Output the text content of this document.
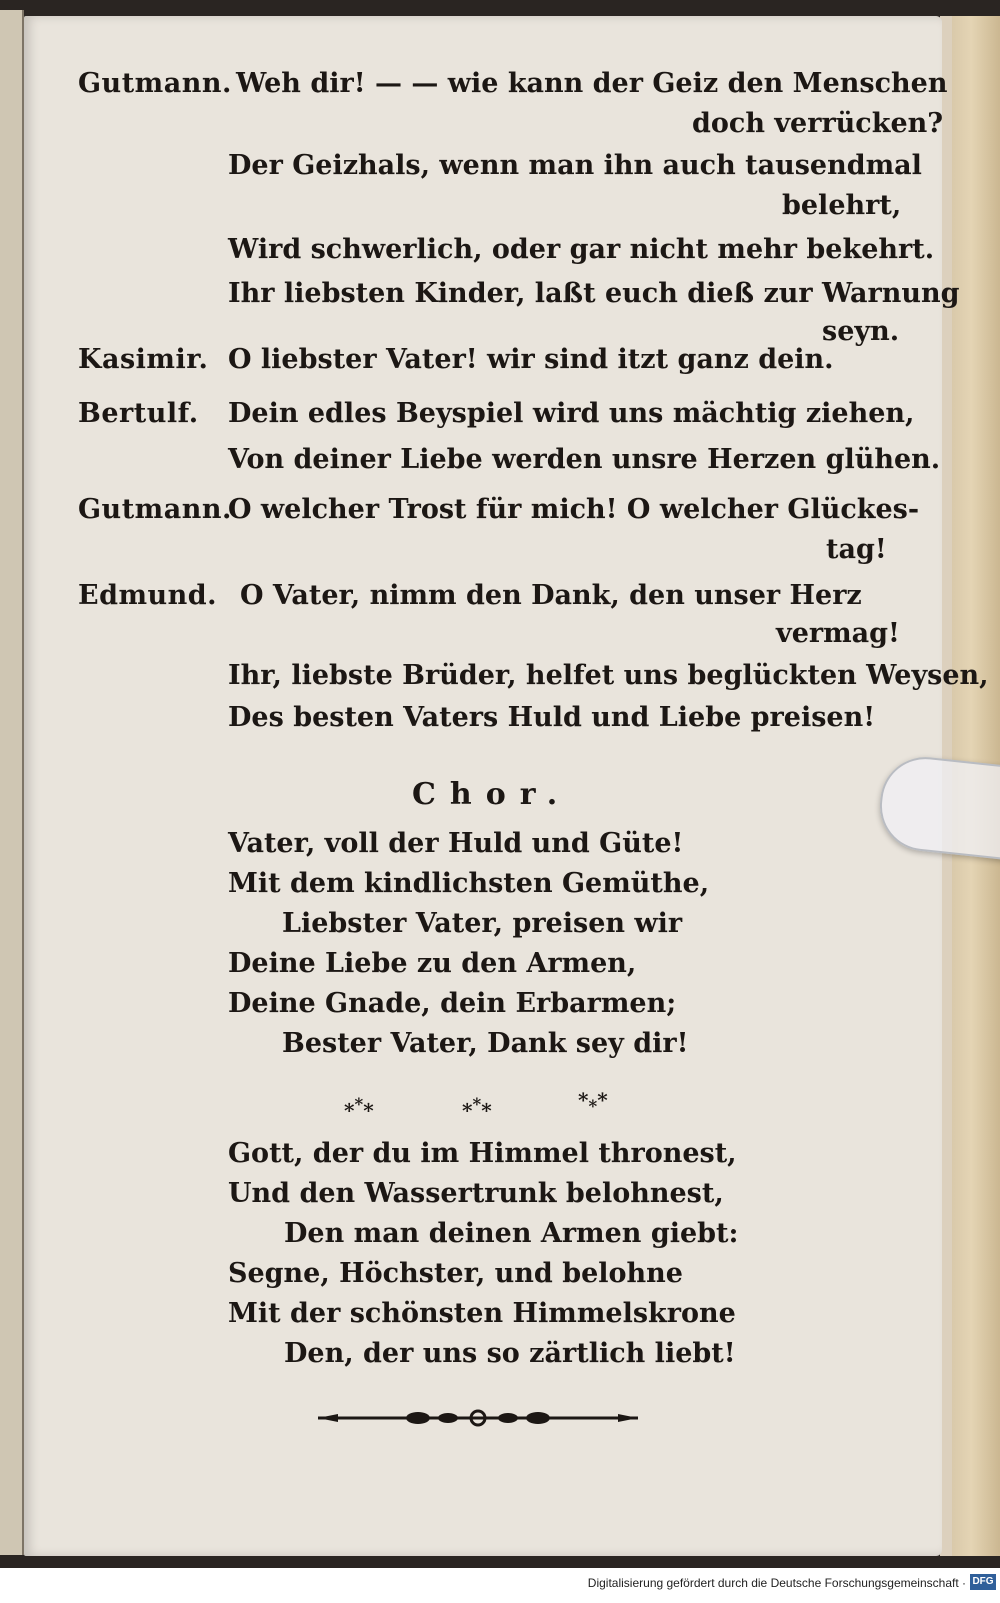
Gutmann. Weh dir! — — wie kann der Geiz den Menschen
doch verrücken?
Der Geizhals, wenn man ihn auch tausendmal
belehrt,
Wird schwerlich, oder gar nicht mehr bekehrt.
Ihr liebsten Kinder, laßt euch dieß zur Warnung
seyn.
Kasimir. O liebster Vater! wir sind itzt ganz dein.
Bertulf. Dein edles Beyspiel wird uns mächtig ziehen,
Von deiner Liebe werden unsre Herzen glühen.
Gutmann.
O welcher Trost für mich! O welcher Glückes-
tag!
Edmund. O Vater, nimm den Dank, den unser Herz
vermag!
Ihr, liebste Brüder, helfet uns beglückten Weysen,
Des besten Vaters Huld und Liebe preisen!
Chor.
Vater, voll der Huld und Güte!
Mit dem kindlichsten Gemüthe,
Liebster Vater, preisen wir
Deine Liebe zu den Armen,
Deine Gnade, dein Erbarmen;
Bester Vater, Dank sey dir!
***	***	$*_**$
Gott, der du im Himmel thronest,
Und den Wassertrunk belohnest,
Den man deinen Armen giebt:
Segne, Höchster, und belohne
Mit der schönsten Himmelskrone
Den, der uns so zärtlich liebt!
Digitalisierung gefördert durch die Deutsche Forschungsgemeinschaft · DFG
